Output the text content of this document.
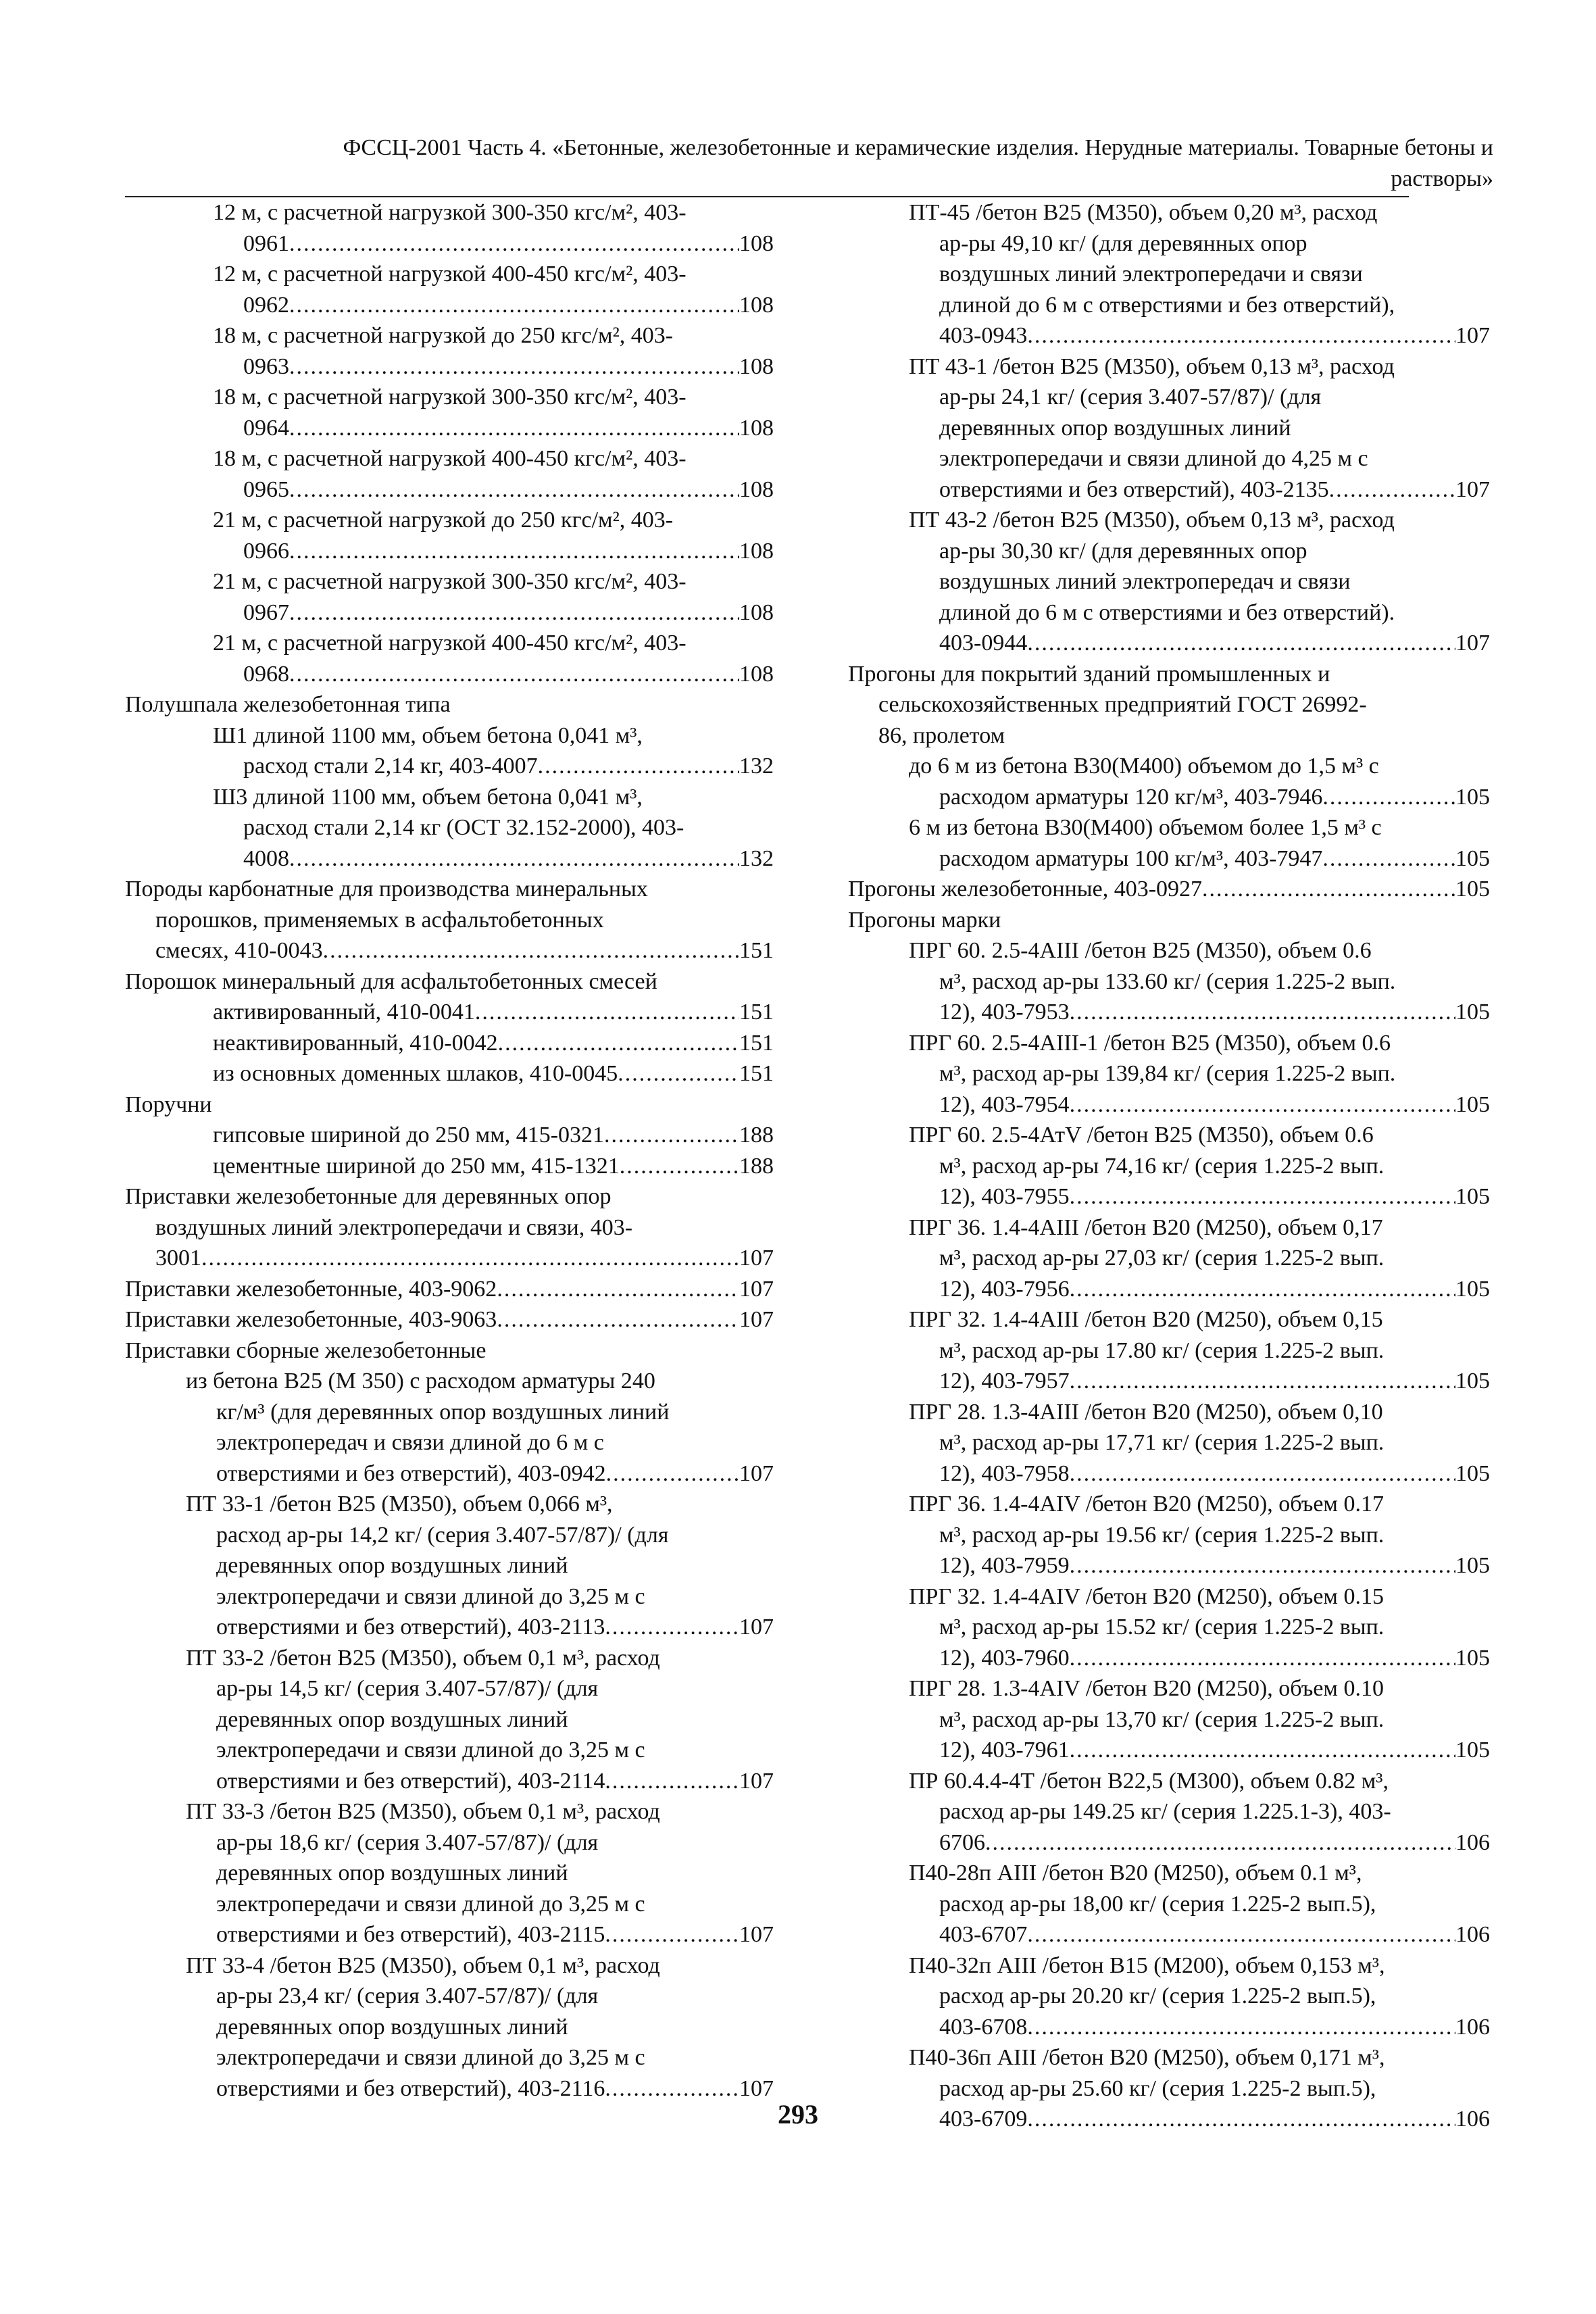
ФССЦ-2001 Часть 4. «Бетонные, железобетонные и керамические изделия. Нерудные материалы. Товарные бетоны и
растворы»
12 м, с расчетной нагрузкой 300-350 кгс/м², 403-
0961 .....	108
12 м, с расчетной нагрузкой 400-450 кгс/м², 403-
0962 .....	108
18 м, с расчетной нагрузкой до 250 кгс/м², 403-
0963 .....	108
18 м, с расчетной нагрузкой 300-350 кгс/м², 403-
0964 .....	108
18 м, с расчетной нагрузкой 400-450 кгс/м², 403-
0965 .....	108
21 м, с расчетной нагрузкой до 250 кгс/м², 403-
0966 .....	108
21 м, с расчетной нагрузкой 300-350 кгс/м², 403-
0967 .....	108
21 м, с расчетной нагрузкой 400-450 кгс/м², 403-
0968 .....	108
Полушпала железобетонная типа
Ш1 длиной 1100 мм, объем бетона 0,041 м³,
расход стали 2,14 кг, 403-4007 .....	132
Ш3 длиной 1100 мм, объем бетона 0,041 м³,
расход стали 2,14 кг (ОСТ 32.152-2000), 403-
4008 .....	132
Породы карбонатные для производства минеральных
порошков, применяемых в асфальтобетонных
смесях, 410-0043 .....	151
Порошок минеральный для асфальтобетонных смесей
активированный, 410-0041 .....	151
неактивированный, 410-0042 .....	151
из основных доменных шлаков, 410-0045 .....	151
Поручни
гипсовые шириной до 250 мм, 415-0321 .....	188
цементные шириной до 250 мм, 415-1321 .....	188
Приставки железобетонные для деревянных опор
воздушных линий электропередачи и связи, 403-
3001 .....	107
Приставки железобетонные, 403-9062 .....	107
Приставки железобетонные, 403-9063 .....	107
Приставки сборные железобетонные
из бетона В25 (М 350) с расходом арматуры 240
кг/м³ (для деревянных опор воздушных линий
электропередач и связи длиной до 6 м с
отверстиями и без отверстий), 403-0942 .....	107
ПТ 33-1 /бетон В25 (М350), объем 0,066 м³,
расход ар-ры 14,2 кг/ (серия 3.407-57/87)/ (для
деревянных опор воздушных линий
электропередачи и связи длиной до 3,25 м с
отверстиями и без отверстий), 403-2113 .....	107
ПТ 33-2 /бетон В25 (М350), объем 0,1 м³, расход
ар-ры 14,5 кг/ (серия 3.407-57/87)/ (для
деревянных опор воздушных линий
электропередачи и связи длиной до 3,25 м с
отверстиями и без отверстий), 403-2114 .....	107
ПТ 33-3 /бетон В25 (М350), объем 0,1 м³, расход
ар-ры 18,6 кг/ (серия 3.407-57/87)/ (для
деревянных опор воздушных линий
электропередачи и связи длиной до 3,25 м с
отверстиями и без отверстий), 403-2115 .....	107
ПТ 33-4 /бетон В25 (М350), объем 0,1 м³, расход
ар-ры 23,4 кг/ (серия 3.407-57/87)/ (для
деревянных опор воздушных линий
электропередачи и связи длиной до 3,25 м с
отверстиями и без отверстий), 403-2116 .....	107
ПТ-45 /бетон В25 (М350), объем 0,20 м³, расход
ар-ры 49,10 кг/ (для деревянных опор
воздушных линий электропередачи и связи
длиной до 6 м с отверстиями и без отверстий),
403-0943 .....	107
ПТ 43-1 /бетон В25 (М350), объем 0,13 м³, расход
ар-ры 24,1 кг/ (серия 3.407-57/87)/ (для
деревянных опор воздушных линий
электропередачи и связи длиной до 4,25 м с
отверстиями и без отверстий), 403-2135 .....	107
ПТ 43-2 /бетон В25 (М350), объем 0,13 м³, расход
ар-ры 30,30 кг/ (для деревянных опор
воздушных линий электропередач и связи
длиной до 6 м с отверстиями и без отверстий).
403-0944 .....	107
Прогоны для покрытий зданий промышленных и
сельскохозяйственных предприятий ГОСТ 26992-
86, пролетом
до 6 м из бетона В30(М400) объемом до 1,5 м³ с
расходом арматуры 120 кг/м³, 403-7946 .....	105
6 м из бетона В30(М400) объемом более 1,5 м³ с
расходом арматуры 100 кг/м³, 403-7947 .....	105
Прогоны железобетонные, 403-0927 .....	105
Прогоны марки
ПРГ 60. 2.5-4АIII /бетон В25 (М350), объем 0.6
м³, расход ар-ры 133.60 кг/ (серия 1.225-2 вып.
12), 403-7953 .....	105
ПРГ 60. 2.5-4АIII-1 /бетон В25 (М350), объем 0.6
м³, расход ар-ры 139,84 кг/ (серия 1.225-2 вып.
12), 403-7954 .....	105
ПРГ 60. 2.5-4АтV /бетон В25 (М350), объем 0.6
м³, расход ар-ры 74,16 кг/ (серия 1.225-2 вып.
12), 403-7955 .....	105
ПРГ 36. 1.4-4АIII /бетон В20 (М250), объем 0,17
м³, расход ар-ры 27,03 кг/ (серия 1.225-2 вып.
12), 403-7956 .....	105
ПРГ 32. 1.4-4АIII /бетон В20 (М250), объем 0,15
м³, расход ар-ры 17.80 кг/ (серия 1.225-2 вып.
12), 403-7957 .....	105
ПРГ 28. 1.3-4АIII /бетон В20 (М250), объем 0,10
м³, расход ар-ры 17,71 кг/ (серия 1.225-2 вып.
12), 403-7958 .....	105
ПРГ 36. 1.4-4АIV /бетон В20 (М250), объем 0.17
м³, расход ар-ры 19.56 кг/ (серия 1.225-2 вып.
12), 403-7959 .....	105
ПРГ 32. 1.4-4АIV /бетон В20 (М250), объем 0.15
м³, расход ар-ры 15.52 кг/ (серия 1.225-2 вып.
12), 403-7960 .....	105
ПРГ 28. 1.3-4АIV /бетон В20 (М250), объем 0.10
м³, расход ар-ры 13,70 кг/ (серия 1.225-2 вып.
12), 403-7961 .....	105
ПР 60.4.4-4Т /бетон В22,5 (М300), объем 0.82 м³,
расход ар-ры 149.25 кг/ (серия 1.225.1-3), 403-
6706 .....	106
П40-28п АIII /бетон В20 (М250), объем 0.1 м³,
расход ар-ры 18,00 кг/ (серия 1.225-2 вып.5),
403-6707 .....	106
П40-32п АIII /бетон В15 (М200), объем 0,153 м³,
расход ар-ры 20.20 кг/ (серия 1.225-2 вып.5),
403-6708 .....	106
П40-36п АIII /бетон В20 (М250), объем 0,171 м³,
расход ар-ры 25.60 кг/ (серия 1.225-2 вып.5),
403-6709 .....	106
293
